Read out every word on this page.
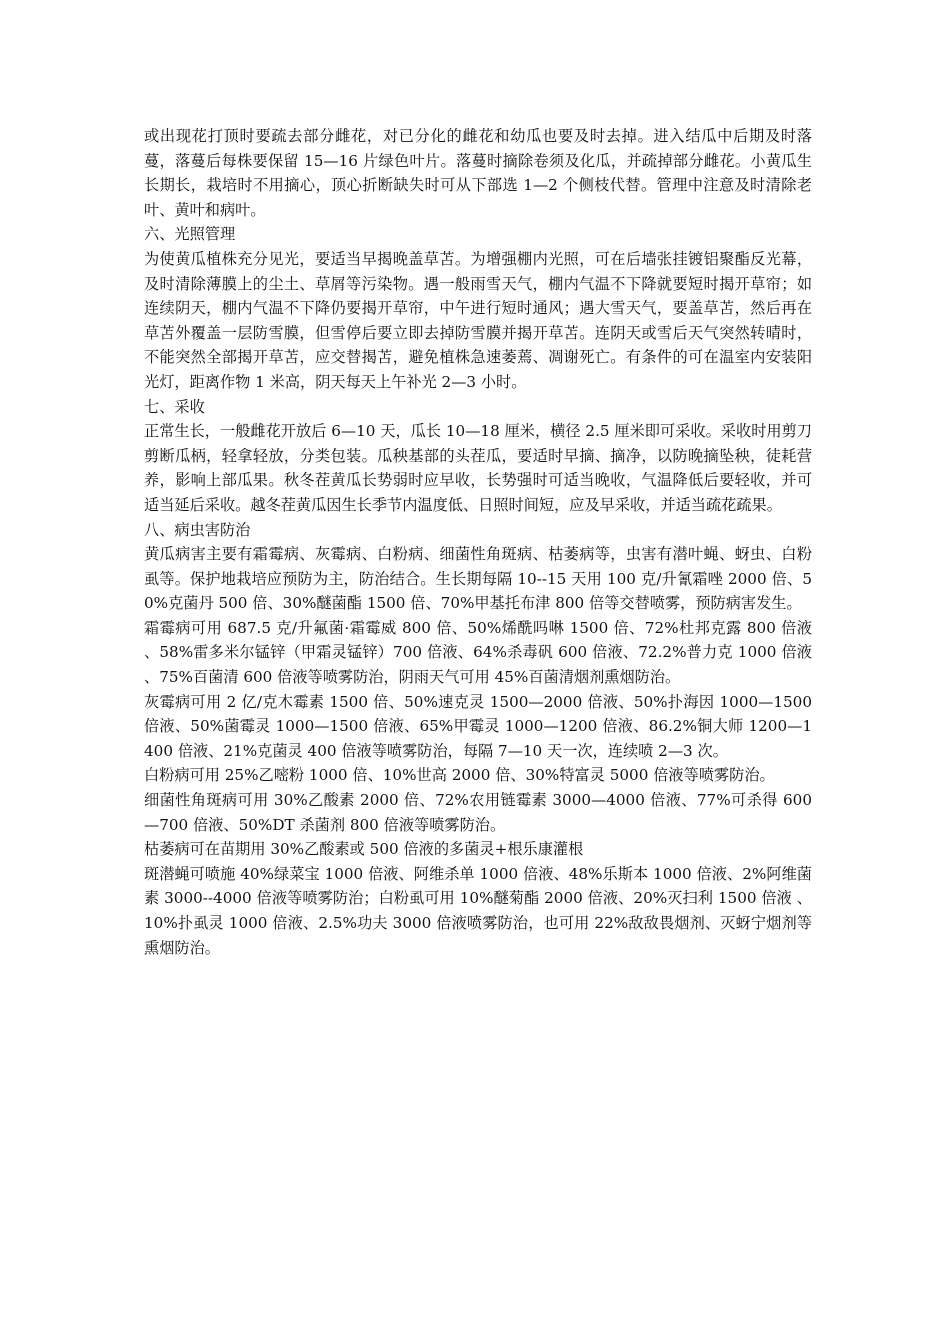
或出现花打顶时要疏去部分雌花，对已分化的雌花和幼瓜也要及时去掉。进入结瓜中后期及时落蔓，落蔓后每株要保留 15—16 片绿色叶片。落蔓时摘除卷须及化瓜，并疏掉部分雌花。小黄瓜生长期长，栽培时不用摘心，顶心折断缺失时可从下部选 1—2 个侧枝代替。管理中注意及时清除老叶、黄叶和病叶。

六、光照管理

为使黄瓜植株充分见光，要适当早揭晚盖草苫。为增强棚内光照，可在后墙张挂镀铝聚酯反光幕，及时清除薄膜上的尘土、草屑等污染物。遇一般雨雪天气，棚内气温不下降就要短时揭开草帘；如连续阴天，棚内气温不下降仍要揭开草帘，中午进行短时通风；遇大雪天气，要盖草苫，然后再在草苫外覆盖一层防雪膜，但雪停后要立即去掉防雪膜并揭开草苫。连阴天或雪后天气突然转晴时，不能突然全部揭开草苫，应交替揭苫，避免植株急速萎蔫、凋谢死亡。有条件的可在温室内安装阳光灯，距离作物 1 米高，阴天每天上午补光 2—3 小时。

七、采收

正常生长，一般雌花开放后 6—10 天，瓜长 10—18 厘米，横径 2.5 厘米即可采收。采收时用剪刀剪断瓜柄，轻拿轻放，分类包装。瓜秧基部的头茬瓜，要适时早摘、摘净，以防晚摘坠秧，徒耗营养，影响上部瓜果。秋冬茬黄瓜长势弱时应早收，长势强时可适当晚收，气温降低后要轻收，并可适当延后采收。越冬茬黄瓜因生长季节内温度低、日照时间短，应及早采收，并适当疏花疏果。

八、病虫害防治

黄瓜病害主要有霜霉病、灰霉病、白粉病、细菌性角斑病、枯萎病等，虫害有潜叶蝇、蚜虫、白粉虱等。保护地栽培应预防为主，防治结合。生长期每隔 10--15 天用 100 克/升氰霜唑 2000 倍、50%克菌丹 500 倍、30%醚菌酯 1500 倍、70%甲基托布津 800 倍等交替喷雾，预防病害发生。

霜霉病可用 687.5 克/升氟菌·霜霉威 800 倍、50%烯酰吗啉 1500 倍、72%杜邦克露 800 倍液 、58%雷多米尔锰锌（甲霜灵锰锌）700 倍液、64%杀毒矾 600 倍液、72.2%普力克 1000 倍液 、75%百菌清 600 倍液等喷雾防治，阴雨天气可用 45%百菌清烟剂熏烟防治。

灰霉病可用 2 亿/克木霉素 1500 倍、50%速克灵 1500—2000 倍液、50%扑海因 1000—1500 倍液、50%菌霉灵 1000—1500 倍液、65%甲霉灵 1000—1200 倍液、86.2%铜大师 1200—1400 倍液、21%克菌灵 400 倍液等喷雾防治，每隔 7—10 天一次，连续喷 2—3 次。

白粉病可用 25%乙嘧粉 1000 倍、10%世高 2000 倍、30%特富灵 5000 倍液等喷雾防治。

细菌性角斑病可用 30%乙酸素 2000 倍、72%农用链霉素 3000—4000 倍液、77%可杀得 600—700 倍液、50%DT 杀菌剂 800 倍液等喷雾防治。

枯萎病可在苗期用 30%乙酸素或 500 倍液的多菌灵+根乐康灌根

斑潜蝇可喷施 40%绿菜宝 1000 倍液、阿维杀单 1000 倍液、48%乐斯本 1000 倍液、2%阿维菌素 3000--4000 倍液等喷雾防治；白粉虱可用 10%醚菊酯 2000 倍液、20%灭扫利 1500 倍液 、10%扑虱灵 1000 倍液、2.5%功夫 3000 倍液喷雾防治，也可用 22%敌敌畏烟剂、灭蚜宁烟剂等熏烟防治。
